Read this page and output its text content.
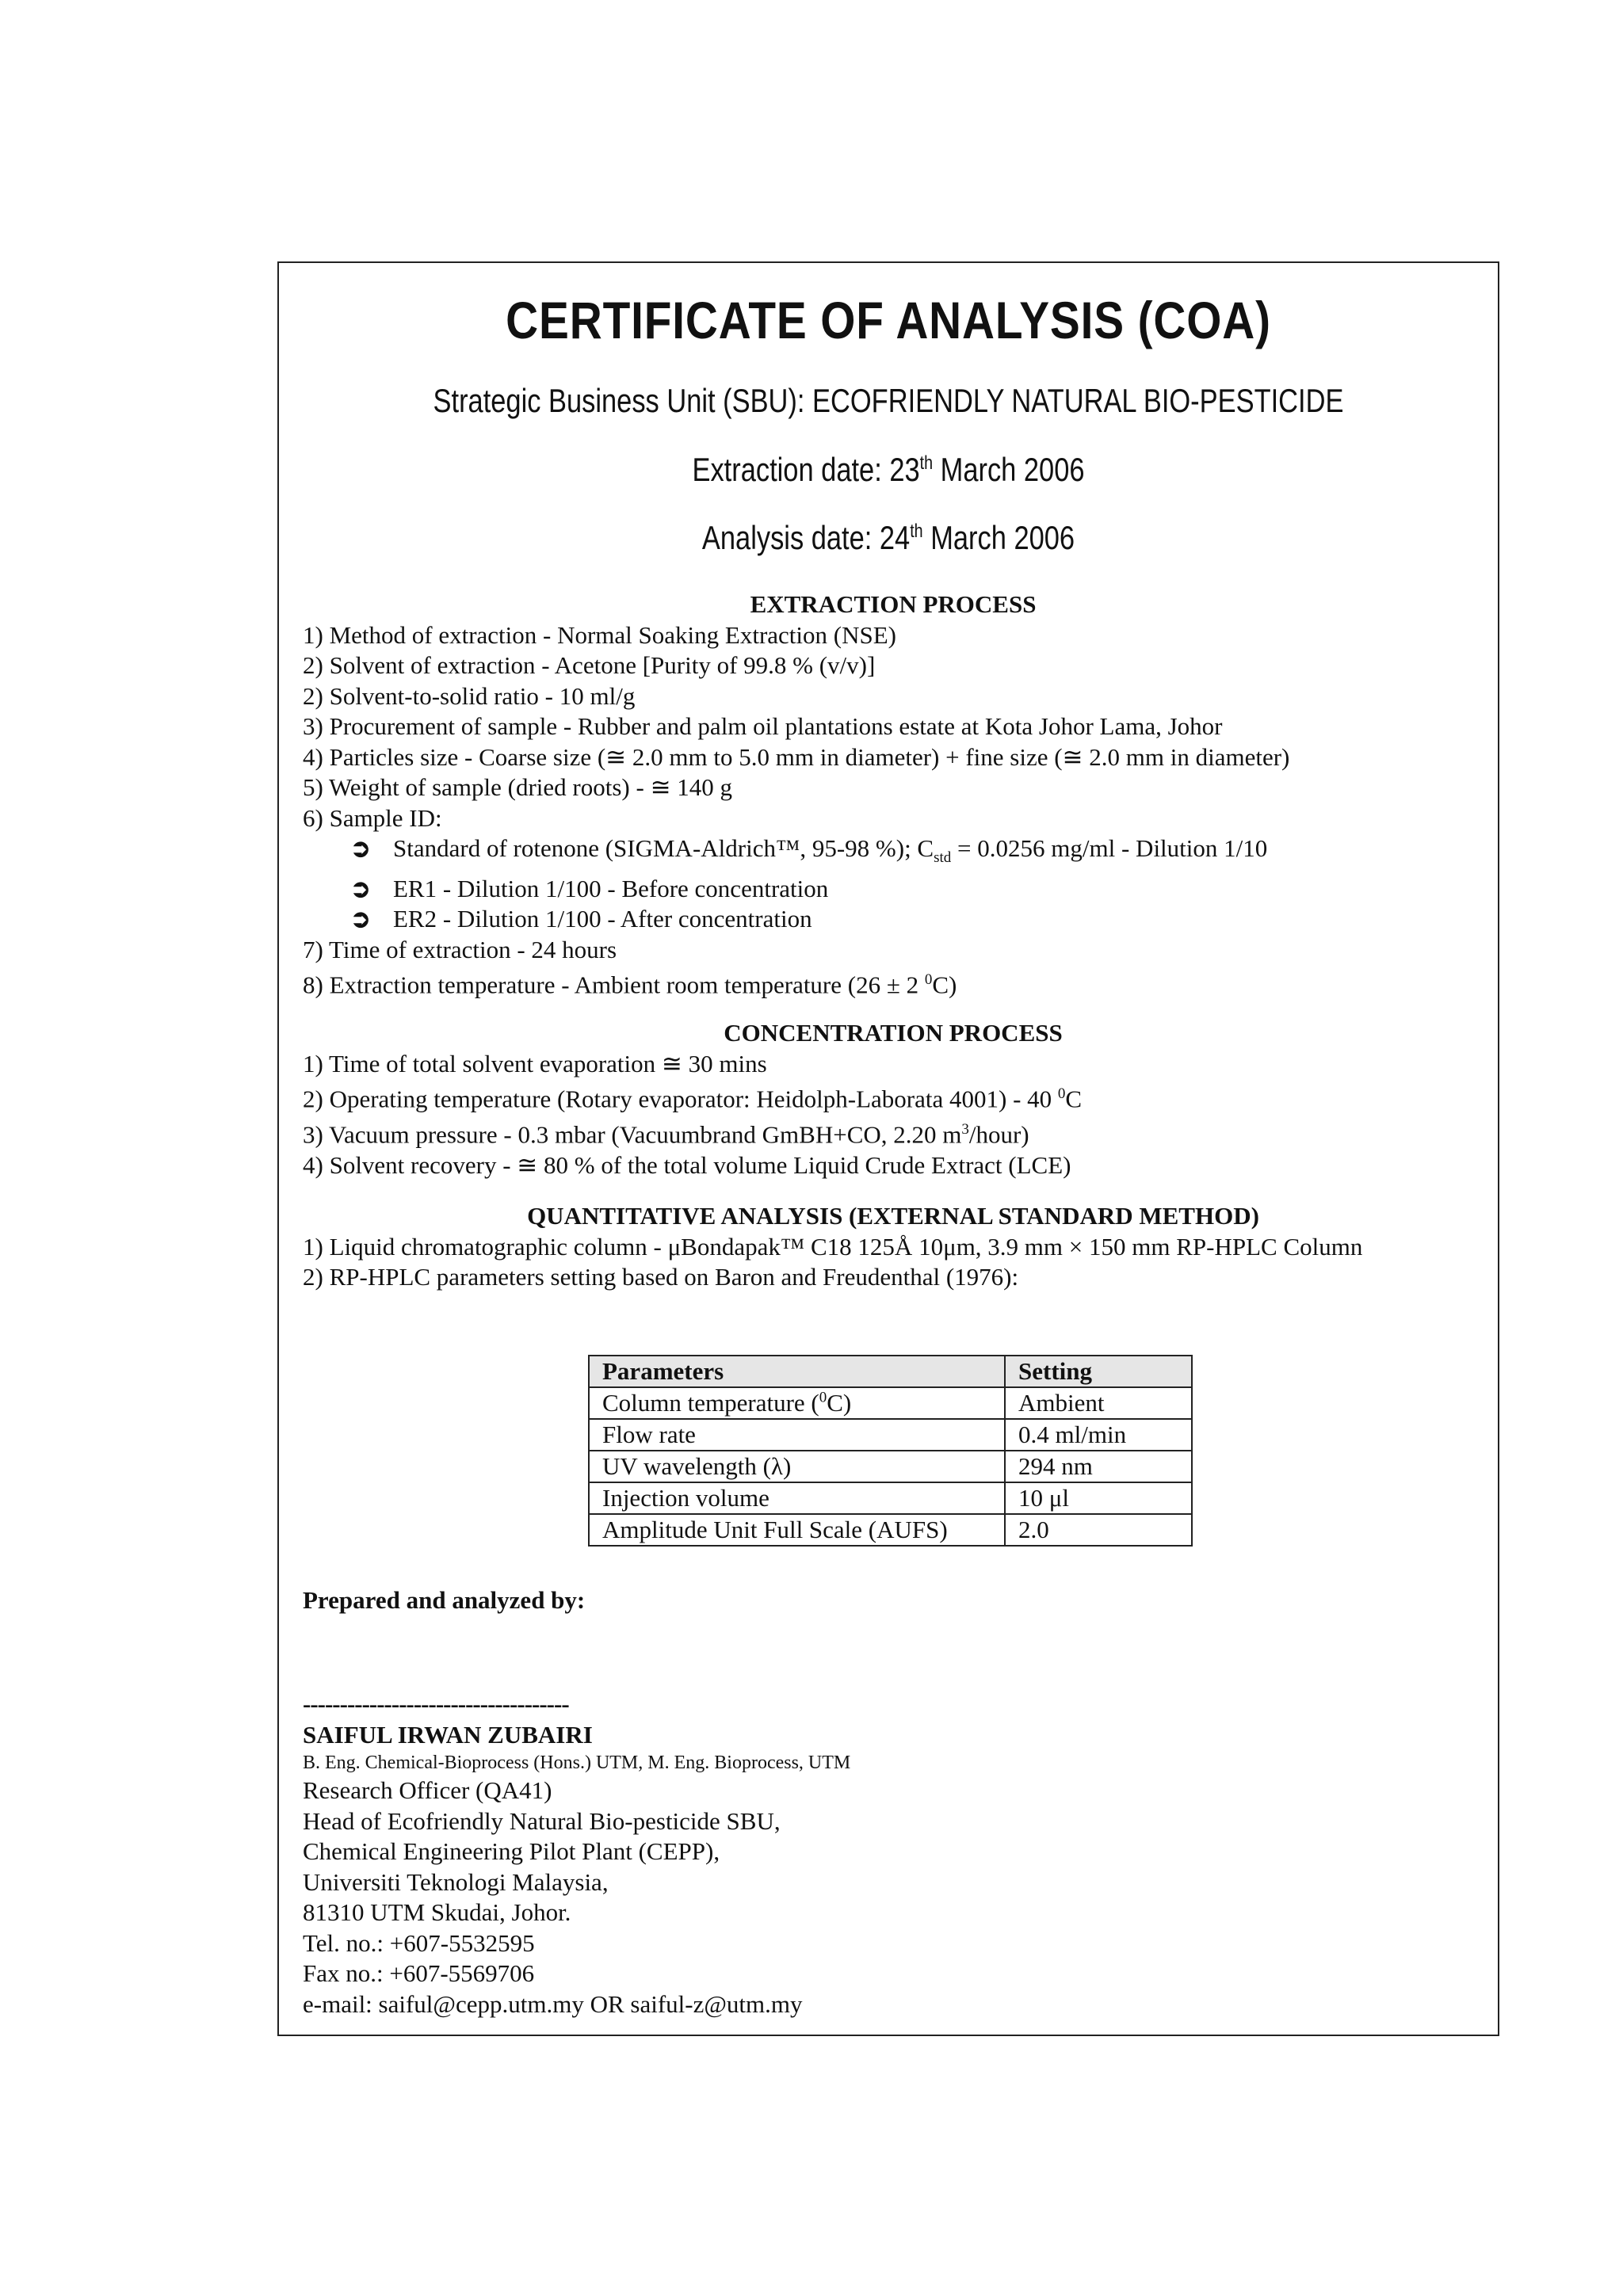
CERTIFICATE OF ANALYSIS (COA)
Strategic Business Unit (SBU): ECOFRIENDLY NATURAL BIO-PESTICIDE
Extraction date: 23th March 2006
Analysis date: 24th March 2006
EXTRACTION PROCESS
1) Method of extraction - Normal Soaking Extraction (NSE)
2) Solvent of extraction - Acetone [Purity of 99.8 % (v/v)]
2) Solvent-to-solid ratio - 10 ml/g
3) Procurement of sample - Rubber and palm oil plantations estate at Kota Johor Lama, Johor
4) Particles size - Coarse size (≅ 2.0 mm to 5.0 mm in diameter) + fine size (≅ 2.0 mm in diameter)
5) Weight of sample (dried roots) - ≅ 140 g
6) Sample ID:
➲ Standard of rotenone (SIGMA-Aldrich™, 95-98 %); $C_{std} = 0.0256$ mg/ml - Dilution 1/10
➲ ER1 - Dilution 1/100 - Before concentration
➲ ER2 - Dilution 1/100 - After concentration
7) Time of extraction - 24 hours
8) Extraction temperature - Ambient room temperature (26 ± 2 $^0$C)
CONCENTRATION PROCESS
1) Time of total solvent evaporation ≅ 30 mins
2) Operating temperature (Rotary evaporator: Heidolph-Laborata 4001) - 40 $^0$C
3) Vacuum pressure - 0.3 mbar (Vacuumbrand GmBH+CO, 2.20 $m^3/hour$)
4) Solvent recovery - ≅ 80 % of the total volume Liquid Crude Extract (LCE)
QUANTITATIVE ANALYSIS (EXTERNAL STANDARD METHOD)
1) Liquid chromatographic column - μBondapak™ C18 125Å 10μm, 3.9 mm × 150 mm RP-HPLC Column
2) RP-HPLC parameters setting based on Baron and Freudenthal (1976):
Parameters	Setting
Column temperature ($^0$C)	Ambient
Flow rate	0.4 ml/min
UV wavelength (λ)	294 nm
Injection volume	10 μl
Amplitude Unit Full Scale (AUFS)	2.0
Prepared and analyzed by:
------------------------------------
SAIFUL IRWAN ZUBAIRI
B. Eng. Chemical-Bioprocess (Hons.) UTM, M. Eng. Bioprocess, UTM
Research Officer (QA41)
Head of Ecofriendly Natural Bio-pesticide SBU,
Chemical Engineering Pilot Plant (CEPP),
Universiti Teknologi Malaysia,
81310 UTM Skudai, Johor.
Tel. no.: +607-5532595
Fax no.: +607-5569706
e-mail: saiful@cepp.utm.my OR saiful-z@utm.my
